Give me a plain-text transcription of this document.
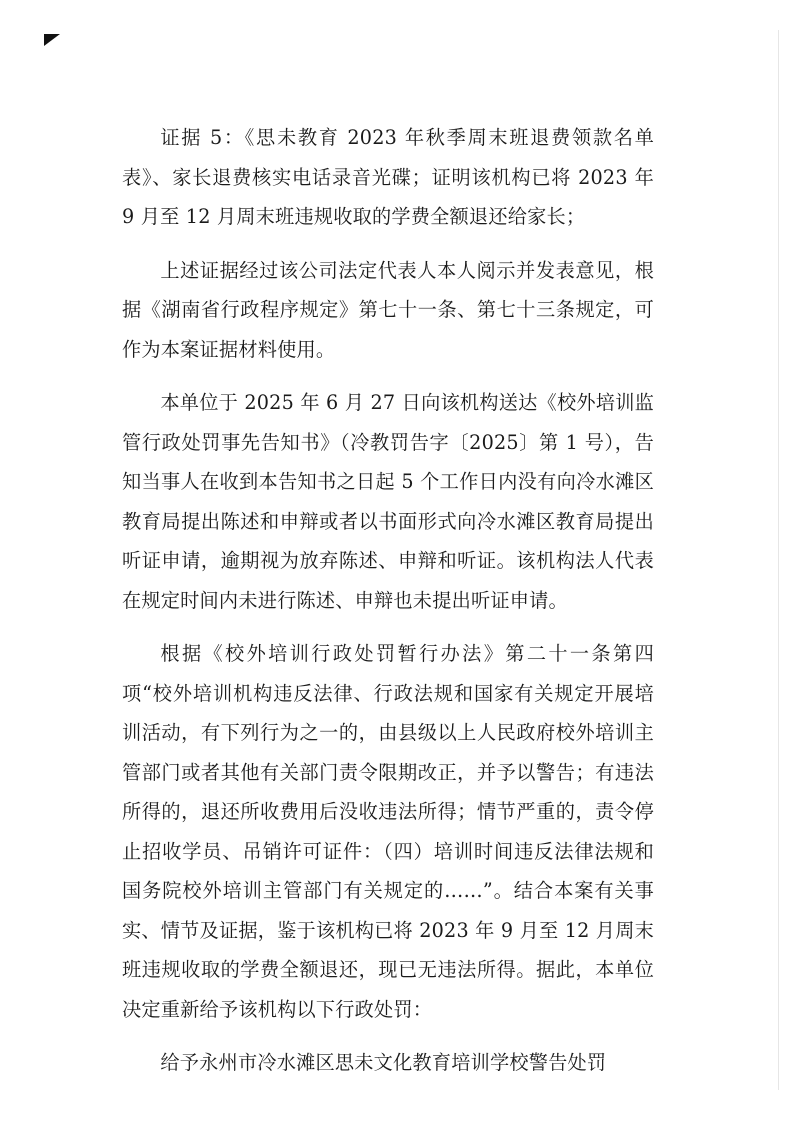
证据 5：《思未教育 2023 年秋季周末班退费领款名单表》、家长退费核实电话录音光碟；证明该机构已将 2023 年 9 月至 12 月周末班违规收取的学费全额退还给家长；

上述证据经过该公司法定代表人本人阅示并发表意见，根据《湖南省行政程序规定》第七十一条、第七十三条规定，可作为本案证据材料使用。

本单位于 2025 年 6 月 27 日向该机构送达《校外培训监管行政处罚事先告知书》（冷教罚告字〔2025〕第 1 号），告知当事人在收到本告知书之日起 5 个工作日内没有向冷水滩区教育局提出陈述和申辩或者以书面形式向冷水滩区教育局提出听证申请，逾期视为放弃陈述、申辩和听证。该机构法人代表在规定时间内未进行陈述、申辩也未提出听证申请。

根据《校外培训行政处罚暂行办法》第二十一条第四项“校外培训机构违反法律、行政法规和国家有关规定开展培训活动，有下列行为之一的，由县级以上人民政府校外培训主管部门或者其他有关部门责令限期改正，并予以警告；有违法所得的，退还所收费用后没收违法所得；情节严重的，责令停止招收学员、吊销许可证件：（四）培训时间违反法律法规和国务院校外培训主管部门有关规定的……”。结合本案有关事实、情节及证据，鉴于该机构已将 2023 年 9 月至 12 月周末班违规收取的学费全额退还，现已无违法所得。据此，本单位决定重新给予该机构以下行政处罚：

给予永州市冷水滩区思未文化教育培训学校警告处罚
